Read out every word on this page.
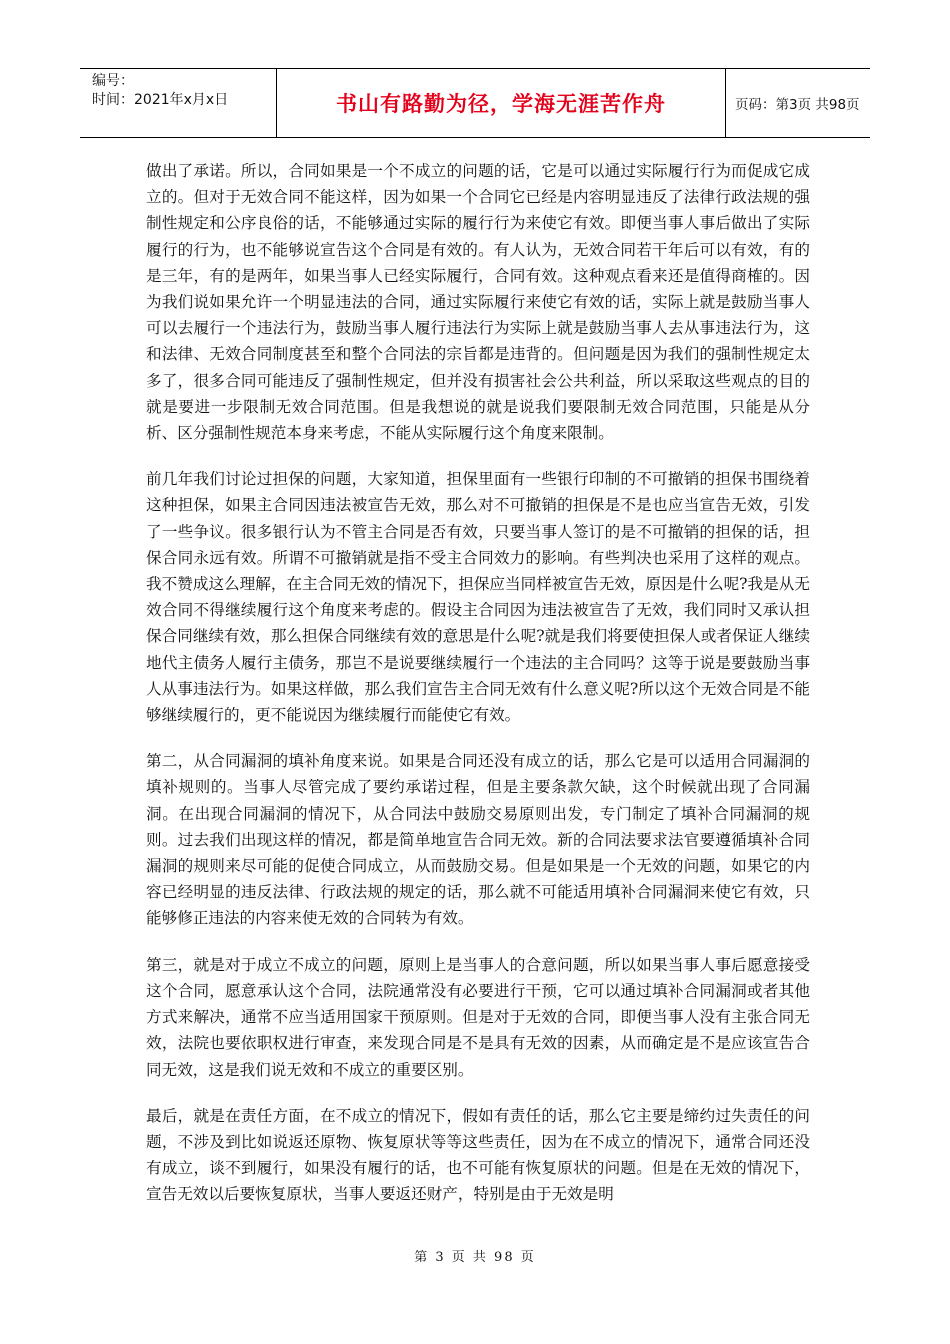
编号：
时间：2021年x月x日	书山有路勤为径，学海无涯苦作舟	页码：第3页 共98页

做出了承诺。所以，合同如果是一个不成立的问题的话，它是可以通过实际履行行为而促成它成立的。但对于无效合同不能这样，因为如果一个合同它已经是内容明显违反了法律行政法规的强制性规定和公序良俗的话，不能够通过实际的履行行为来使它有效。即便当事人事后做出了实际履行的行为，也不能够说宣告这个合同是有效的。有人认为，无效合同若干年后可以有效，有的是三年，有的是两年，如果当事人已经实际履行，合同有效。这种观点看来还是值得商榷的。因为我们说如果允许一个明显违法的合同，通过实际履行来使它有效的话，实际上就是鼓励当事人可以去履行一个违法行为，鼓励当事人履行违法行为实际上就是鼓励当事人去从事违法行为，这和法律、无效合同制度甚至和整个合同法的宗旨都是违背的。但问题是因为我们的强制性规定太多了，很多合同可能违反了强制性规定，但并没有损害社会公共利益，所以采取这些观点的目的就是要进一步限制无效合同范围。但是我想说的就是说我们要限制无效合同范围，只能是从分析、区分强制性规范本身来考虑，不能从实际履行这个角度来限制。

前几年我们讨论过担保的问题，大家知道，担保里面有一些银行印制的不可撤销的担保书围绕着这种担保，如果主合同因违法被宣告无效，那么对不可撤销的担保是不是也应当宣告无效，引发了一些争议。很多银行认为不管主合同是否有效，只要当事人签订的是不可撤销的担保的话，担保合同永远有效。所谓不可撤销就是指不受主合同效力的影响。有些判决也采用了这样的观点。我不赞成这么理解，在主合同无效的情况下，担保应当同样被宣告无效，原因是什么呢?我是从无效合同不得继续履行这个角度来考虑的。假设主合同因为违法被宣告了无效，我们同时又承认担保合同继续有效，那么担保合同继续有效的意思是什么呢?就是我们将要使担保人或者保证人继续地代主债务人履行主债务，那岂不是说要继续履行一个违法的主合同吗？这等于说是要鼓励当事人从事违法行为。如果这样做，那么我们宣告主合同无效有什么意义呢?所以这个无效合同是不能够继续履行的，更不能说因为继续履行而能使它有效。

第二，从合同漏洞的填补角度来说。如果是合同还没有成立的话，那么它是可以适用合同漏洞的填补规则的。当事人尽管完成了要约承诺过程，但是主要条款欠缺，这个时候就出现了合同漏洞。在出现合同漏洞的情况下，从合同法中鼓励交易原则出发，专门制定了填补合同漏洞的规则。过去我们出现这样的情况，都是简单地宣告合同无效。新的合同法要求法官要遵循填补合同漏洞的规则来尽可能的促使合同成立，从而鼓励交易。但是如果是一个无效的问题，如果它的内容已经明显的违反法律、行政法规的规定的话，那么就不可能适用填补合同漏洞来使它有效，只能够修正违法的内容来使无效的合同转为有效。

第三，就是对于成立不成立的问题，原则上是当事人的合意问题，所以如果当事人事后愿意接受这个合同，愿意承认这个合同，法院通常没有必要进行干预，它可以通过填补合同漏洞或者其他方式来解决，通常不应当适用国家干预原则。但是对于无效的合同，即便当事人没有主张合同无效，法院也要依职权进行审查，来发现合同是不是具有无效的因素，从而确定是不是应该宣告合同无效，这是我们说无效和不成立的重要区别。

最后，就是在责任方面，在不成立的情况下，假如有责任的话，那么它主要是缔约过失责任的问题，不涉及到比如说返还原物、恢复原状等等这些责任，因为在不成立的情况下，通常合同还没有成立，谈不到履行，如果没有履行的话，也不可能有恢复原状的问题。但是在无效的情况下，宣告无效以后要恢复原状，当事人要返还财产，特别是由于无效是明

第 3 页 共 98 页
